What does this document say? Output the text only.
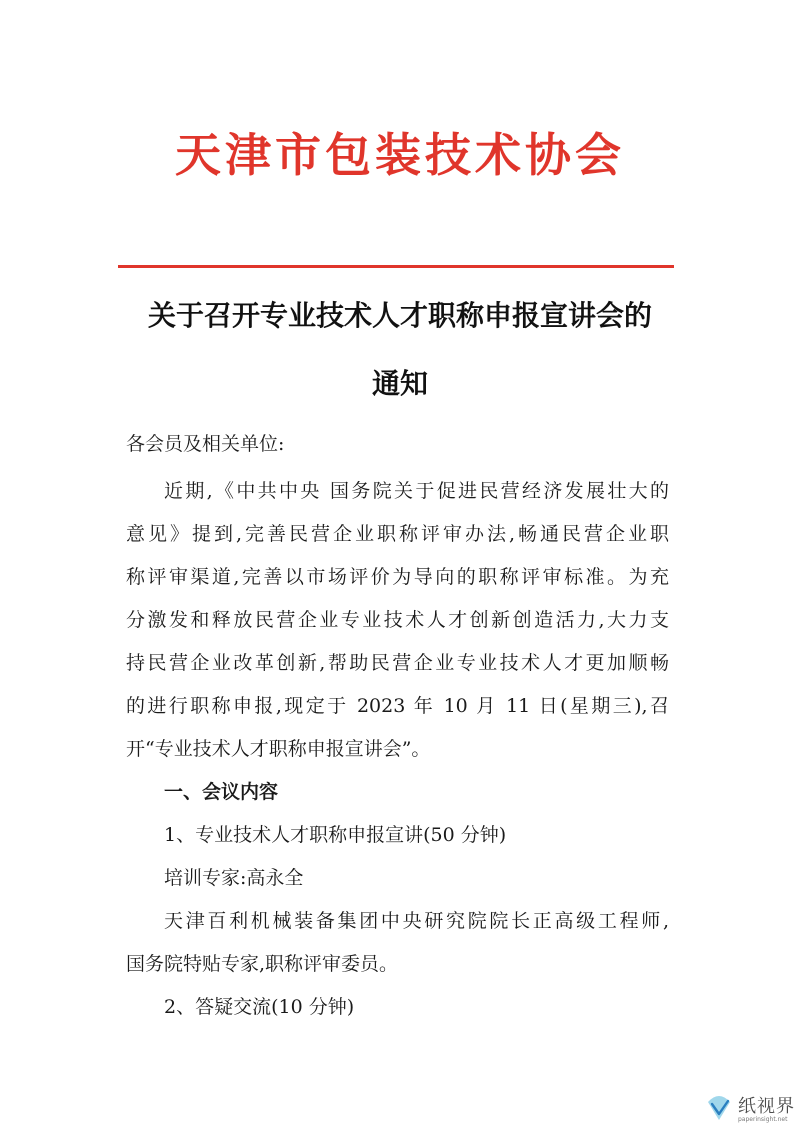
天津市包装技术协会
关于召开专业技术人才职称申报宣讲会的
通知
各会员及相关单位:
近期,《中共中央 国务院关于促进民营经济发展壮大的
意见》提到,完善民营企业职称评审办法,畅通民营企业职
称评审渠道,完善以市场评价为导向的职称评审标准。为充
分激发和释放民营企业专业技术人才创新创造活力,大力支
持民营企业改革创新,帮助民营企业专业技术人才更加顺畅
的进行职称申报,现定于 2023 年 10 月 11 日(星期三),召
开“专业技术人才职称申报宣讲会”。
一、会议内容
1、专业技术人才职称申报宣讲(50 分钟)
培训专家:高永全
天津百利机械装备集团中央研究院院长正高级工程师,
国务院特贴专家,职称评审委员。
2、答疑交流(10 分钟)
纸视界
paperinsight.net
